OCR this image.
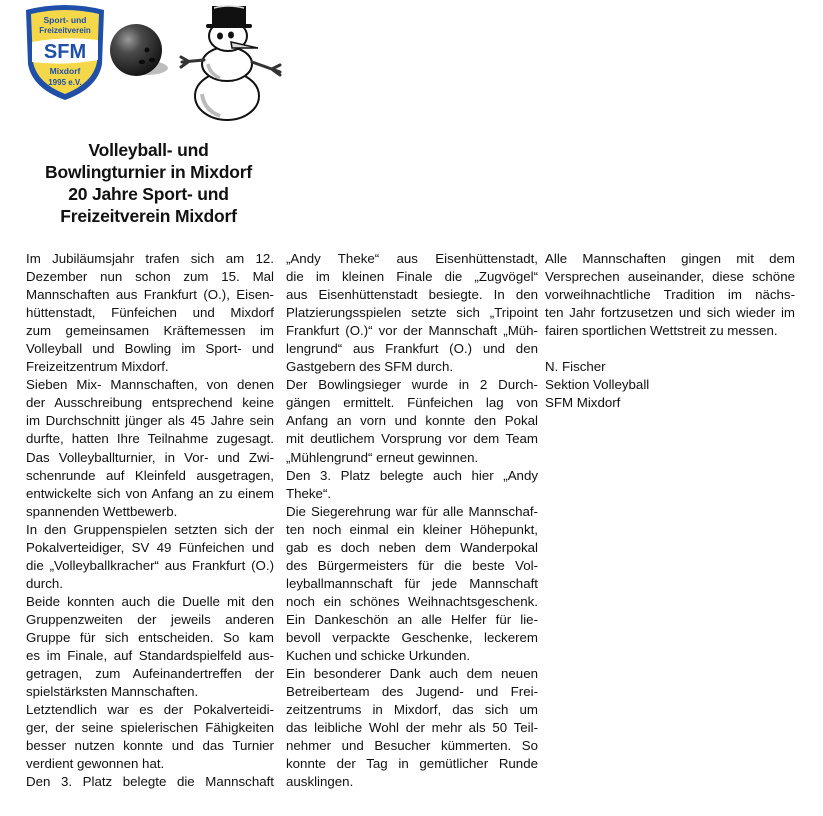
Sport- und
Freizeitverein
SFM
Mixdorf
1995 e.V.
Volleyball- und
Bowlingturnier in Mixdorf
20 Jahre Sport- und
Freizeitverein Mixdorf
Im Jubiläumsjahr trafen sich am 12.
Dezember nun schon zum 15. Mal
Mannschaften aus Frankfurt (O.), Eisen-
hüttenstadt, Fünfeichen und Mixdorf
zum gemeinsamen Kräftemessen im
Volleyball und Bowling im Sport- und
Freizeitzentrum Mixdorf.
Sieben Mix- Mannschaften, von denen
der Ausschreibung entsprechend keine
im Durchschnitt jünger als 45 Jahre sein
durfte, hatten Ihre Teilnahme zugesagt.
Das Volleyballturnier, in Vor- und Zwi-
schenrunde auf Kleinfeld ausgetragen,
entwickelte sich von Anfang an zu einem
spannenden Wettbewerb.
In den Gruppenspielen setzten sich der
Pokalverteidiger, SV 49 Fünfeichen und
die „Volleyballkracher“ aus Frankfurt (O.)
durch.
Beide konnten auch die Duelle mit den
Gruppenzweiten der jeweils anderen
Gruppe für sich entscheiden. So kam
es im Finale, auf Standardspielfeld aus-
getragen, zum Aufeinandertreffen der
spielstärksten Mannschaften.
Letztendlich war es der Pokalverteidi-
ger, der seine spielerischen Fähigkeiten
besser nutzen konnte und das Turnier
verdient gewonnen hat.
Den 3. Platz belegte die Mannschaft
„Andy Theke“ aus Eisenhüttenstadt,
die im kleinen Finale die „Zugvögel“
aus Eisenhüttenstadt besiegte. In den
Platzierungsspielen setzte sich „Tripoint
Frankfurt (O.)“ vor der Mannschaft „Müh-
lengrund“ aus Frankfurt (O.) und den
Gastgebern des SFM durch.
Der Bowlingsieger wurde in 2 Durch-
gängen ermittelt. Fünfeichen lag von
Anfang an vorn und konnte den Pokal
mit deutlichem Vorsprung vor dem Team
„Mühlengrund“ erneut gewinnen.
Den 3. Platz belegte auch hier „Andy
Theke“.
Die Siegerehrung war für alle Mannschaf-
ten noch einmal ein kleiner Höhepunkt,
gab es doch neben dem Wanderpokal
des Bürgermeisters für die beste Vol-
leyballmannschaft für jede Mannschaft
noch ein schönes Weihnachtsgeschenk.
Ein Dankeschön an alle Helfer für lie-
bevoll verpackte Geschenke, leckerem
Kuchen und schicke Urkunden.
Ein besonderer Dank auch dem neuen
Betreiberteam des Jugend- und Frei-
zeitzentrums in Mixdorf, das sich um
das leibliche Wohl der mehr als 50 Teil-
nehmer und Besucher kümmerten. So
konnte der Tag in gemütlicher Runde
ausklingen.
Alle Mannschaften gingen mit dem
Versprechen auseinander, diese schöne
vorweihnachtliche Tradition im nächs-
ten Jahr fortzusetzen und sich wieder im
fairen sportlichen Wettstreit zu messen.
N. Fischer
Sektion Volleyball
SFM Mixdorf
